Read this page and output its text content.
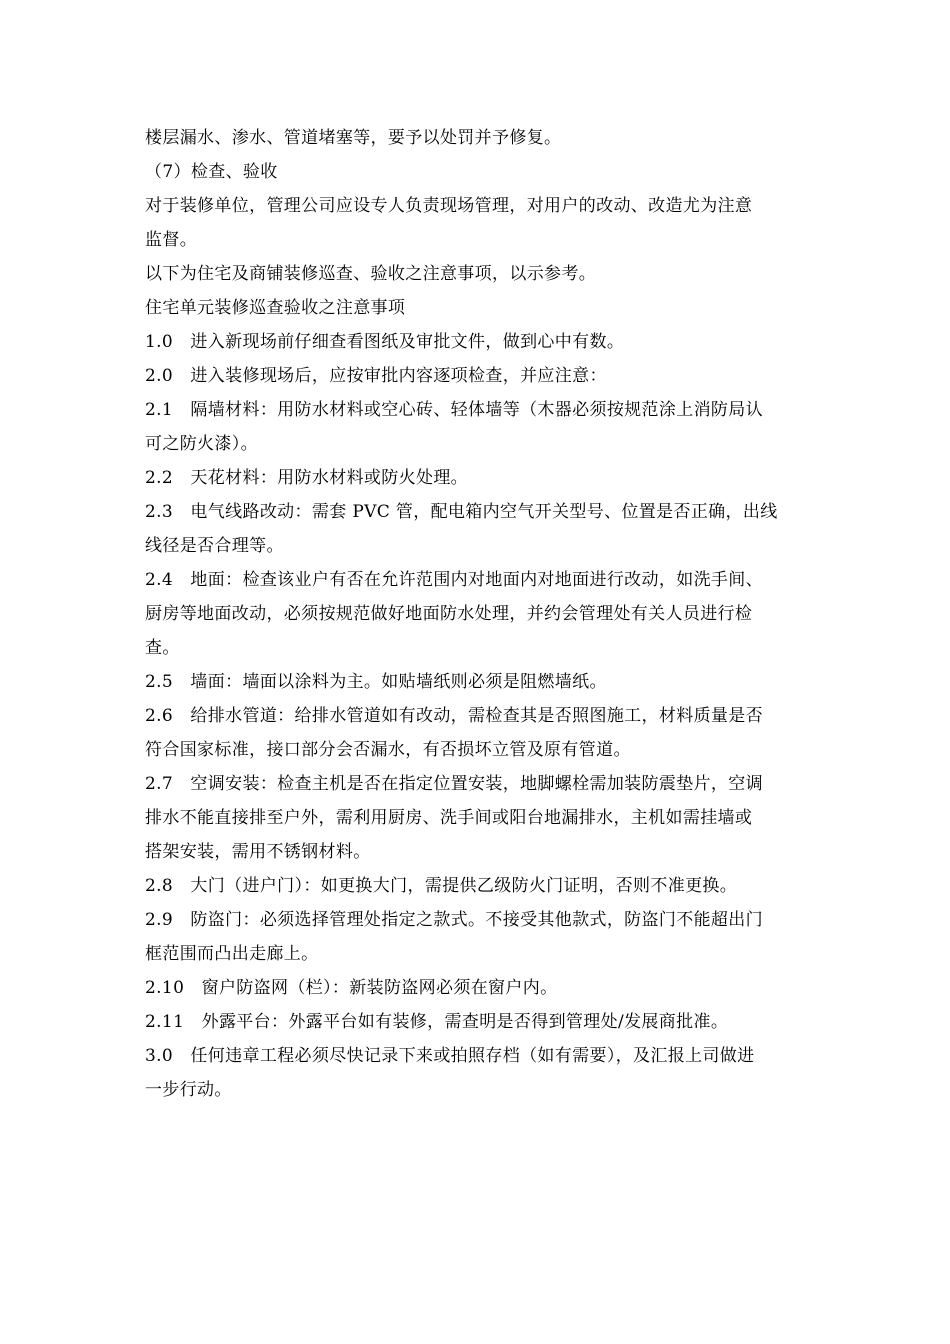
楼层漏水、渗水、管道堵塞等，要予以处罚并予修复。
（7）检查、验收
对于装修单位，管理公司应设专人负责现场管理，对用户的改动、改造尤为注意
监督。
以下为住宅及商铺装修巡查、验收之注意事项，以示参考。
住宅单元装修巡查验收之注意事项
1.0　进入新现场前仔细查看图纸及审批文件，做到心中有数。
2.0　进入装修现场后，应按审批内容逐项检查，并应注意：
2.1　隔墙材料：用防水材料或空心砖、轻体墙等（木器必须按规范涂上消防局认
可之防火漆）。
2.2　天花材料：用防水材料或防火处理。
2.3　电气线路改动：需套 PVC 管，配电箱内空气开关型号、位置是否正确，出线
线径是否合理等。
2.4　地面：检查该业户有否在允许范围内对地面内对地面进行改动，如洗手间、
厨房等地面改动，必须按规范做好地面防水处理，并约会管理处有关人员进行检
查。
2.5　墙面：墙面以涂料为主。如贴墙纸则必须是阻燃墙纸。
2.6　给排水管道：给排水管道如有改动，需检查其是否照图施工，材料质量是否
符合国家标准，接口部分会否漏水，有否损坏立管及原有管道。
2.7　空调安装：检查主机是否在指定位置安装，地脚螺栓需加装防震垫片，空调
排水不能直接排至户外，需利用厨房、洗手间或阳台地漏排水，主机如需挂墙或
搭架安装，需用不锈钢材料。
2.8　大门（进户门）：如更换大门，需提供乙级防火门证明，否则不准更换。
2.9　防盗门：必须选择管理处指定之款式。不接受其他款式，防盗门不能超出门
框范围而凸出走廊上。
2.10　窗户防盗网（栏）：新装防盗网必须在窗户内。
2.11　外露平台：外露平台如有装修，需查明是否得到管理处/发展商批准。
3.0　任何违章工程必须尽快记录下来或拍照存档（如有需要），及汇报上司做进
一步行动。
